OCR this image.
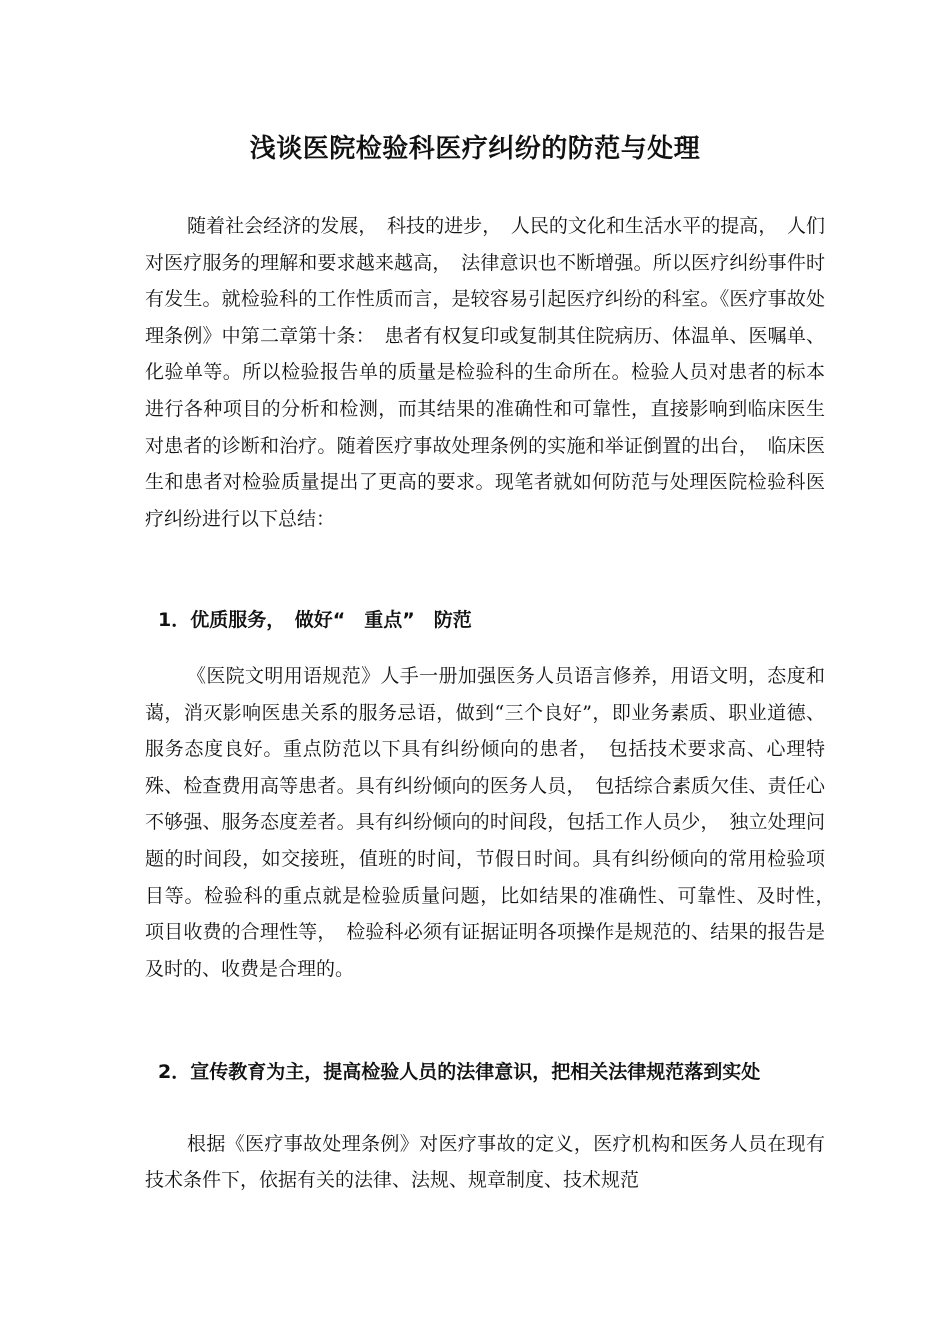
浅谈医院检验科医疗纠纷的防范与处理

随着社会经济的发展，　科技的进步，　人民的文化和生活水平的提高，　人们对医疗服务的理解和要求越来越高，　法律意识也不断增强。所以医疗纠纷事件时有发生。就检验科的工作性质而言，是较容易引起医疗纠纷的科室。《医疗事故处理条例》中第二章第十条：　患者有权复印或复制其住院病历、体温单、医嘱单、化验单等。所以检验报告单的质量是检验科的生命所在。检验人员对患者的标本进行各种项目的分析和检测，而其结果的准确性和可靠性，直接影响到临床医生对患者的诊断和治疗。随着医疗事故处理条例的实施和举证倒置的出台，　临床医生和患者对检验质量提出了更高的要求。现笔者就如何防范与处理医院检验科医疗纠纷进行以下总结：

1．优质服务，　做好“　重点”　防范

《医院文明用语规范》人手一册加强医务人员语言修养，用语文明，态度和蔼，消灭影响医患关系的服务忌语，做到“三个良好”，即业务素质、职业道德、服务态度良好。重点防范以下具有纠纷倾向的患者，　包括技术要求高、心理特殊、检查费用高等患者。具有纠纷倾向的医务人员，　包括综合素质欠佳、责任心不够强、服务态度差者。具有纠纷倾向的时间段，包括工作人员少，　独立处理问题的时间段，如交接班，值班的时间，节假日时间。具有纠纷倾向的常用检验项目等。检验科的重点就是检验质量问题，比如结果的准确性、可靠性、及时性，　项目收费的合理性等，　检验科必须有证据证明各项操作是规范的、结果的报告是及时的、收费是合理的。

2．宣传教育为主，提高检验人员的法律意识，把相关法律规范落到实处

根据《医疗事故处理条例》对医疗事故的定义，医疗机构和医务人员在现有技术条件下，依据有关的法律、法规、规章制度、技术规范
